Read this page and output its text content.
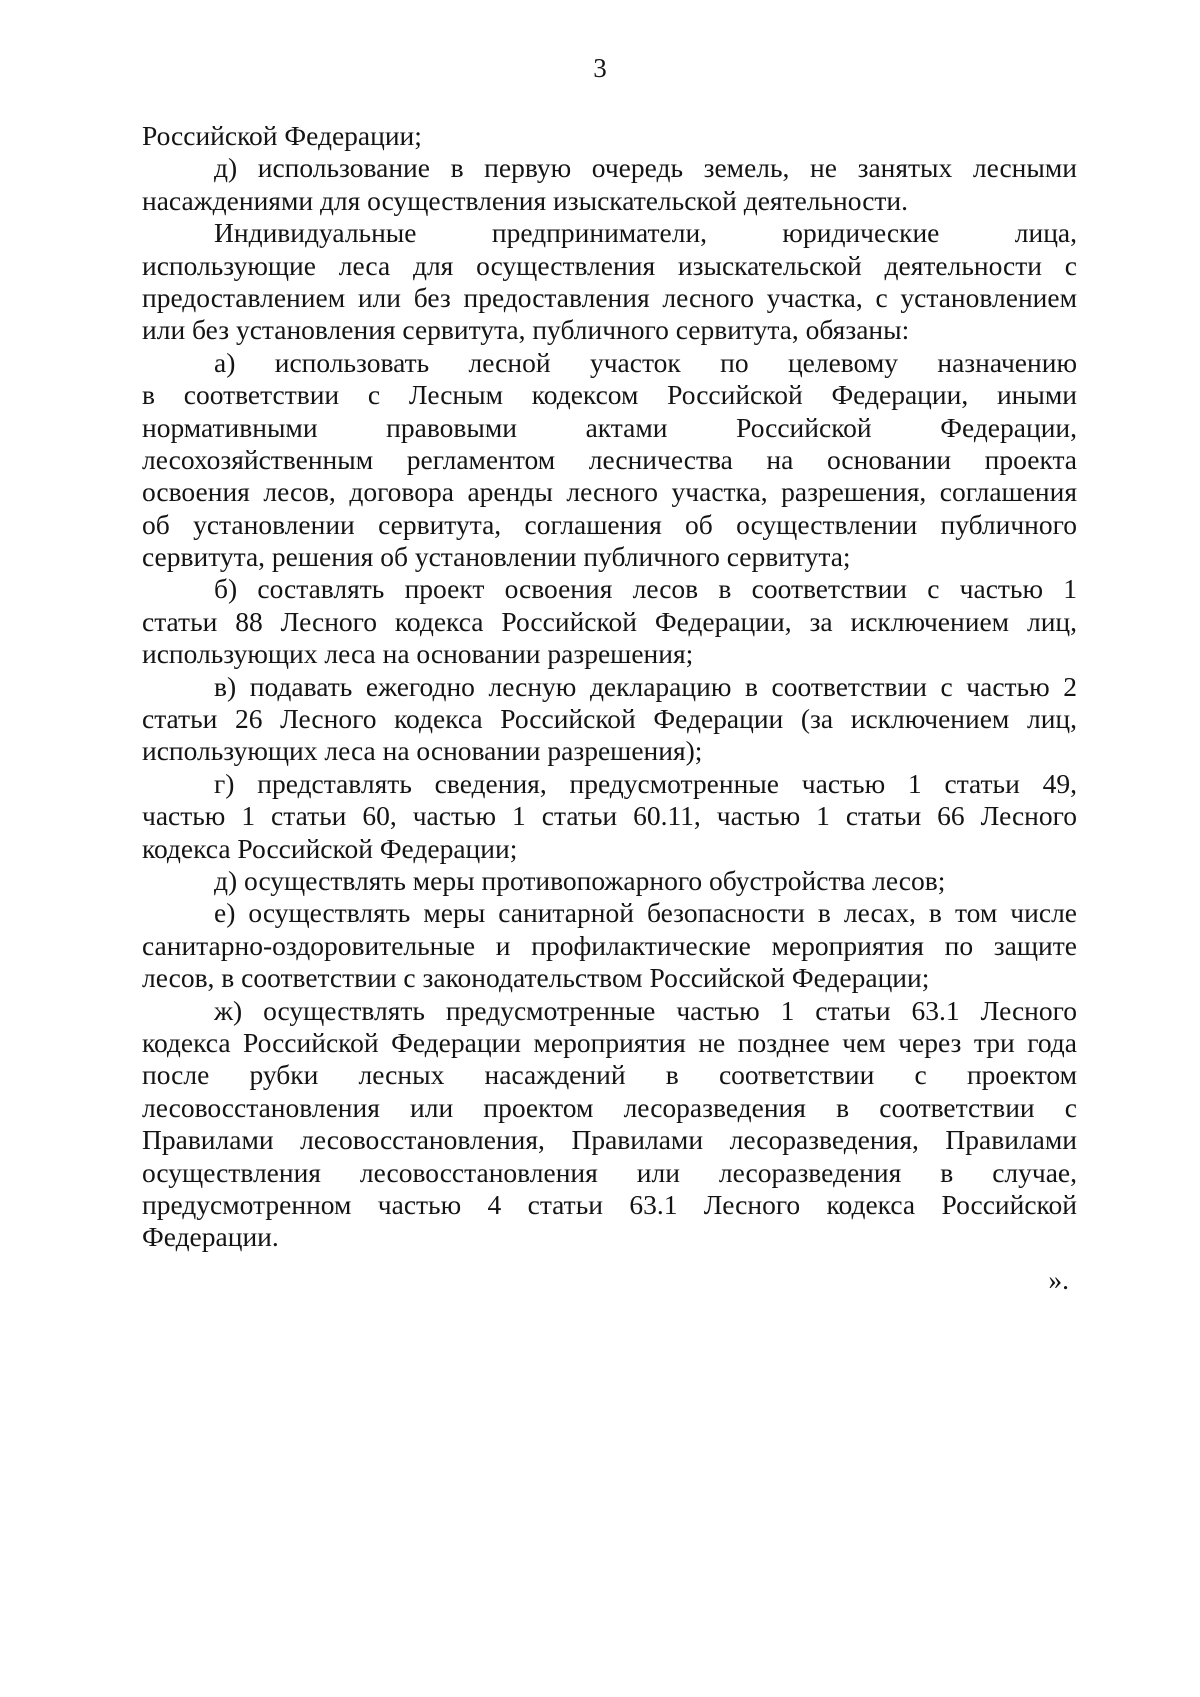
3
Российской Федерации;
д) использование в первую очередь земель, не занятых лесными
насаждениями для осуществления изыскательской деятельности.
Индивидуальные предприниматели, юридические лица,
использующие леса для осуществления изыскательской деятельности с
предоставлением или без предоставления лесного участка, с установлением
или без установления сервитута, публичного сервитута, обязаны:
а) использовать лесной участок по целевому назначению
в соответствии с Лесным кодексом Российской Федерации, иными
нормативными правовыми актами Российской Федерации,
лесохозяйственным регламентом лесничества на основании проекта
освоения лесов, договора аренды лесного участка, разрешения, соглашения
об установлении сервитута, соглашения об осуществлении публичного
сервитута, решения об установлении публичного сервитута;
б) составлять проект освоения лесов в соответствии с частью 1
статьи 88 Лесного кодекса Российской Федерации, за исключением лиц,
использующих леса на основании разрешения;
в) подавать ежегодно лесную декларацию в соответствии с частью 2
статьи 26 Лесного кодекса Российской Федерации (за исключением лиц,
использующих леса на основании разрешения);
г) представлять сведения, предусмотренные частью 1 статьи 49,
частью 1 статьи 60, частью 1 статьи 60.11, частью 1 статьи 66 Лесного
кодекса Российской Федерации;
д) осуществлять меры противопожарного обустройства лесов;
е) осуществлять меры санитарной безопасности в лесах, в том числе
санитарно-оздоровительные и профилактические мероприятия по защите
лесов, в соответствии с законодательством Российской Федерации;
ж) осуществлять предусмотренные частью 1 статьи 63.1 Лесного
кодекса Российской Федерации мероприятия не позднее чем через три года
после рубки лесных насаждений в соответствии с проектом
лесовосстановления или проектом лесоразведения в соответствии с
Правилами лесовосстановления, Правилами лесоразведения, Правилами
осуществления лесовосстановления или лесоразведения в случае,
предусмотренном частью 4 статьи 63.1 Лесного кодекса Российской
Федерации.
».
